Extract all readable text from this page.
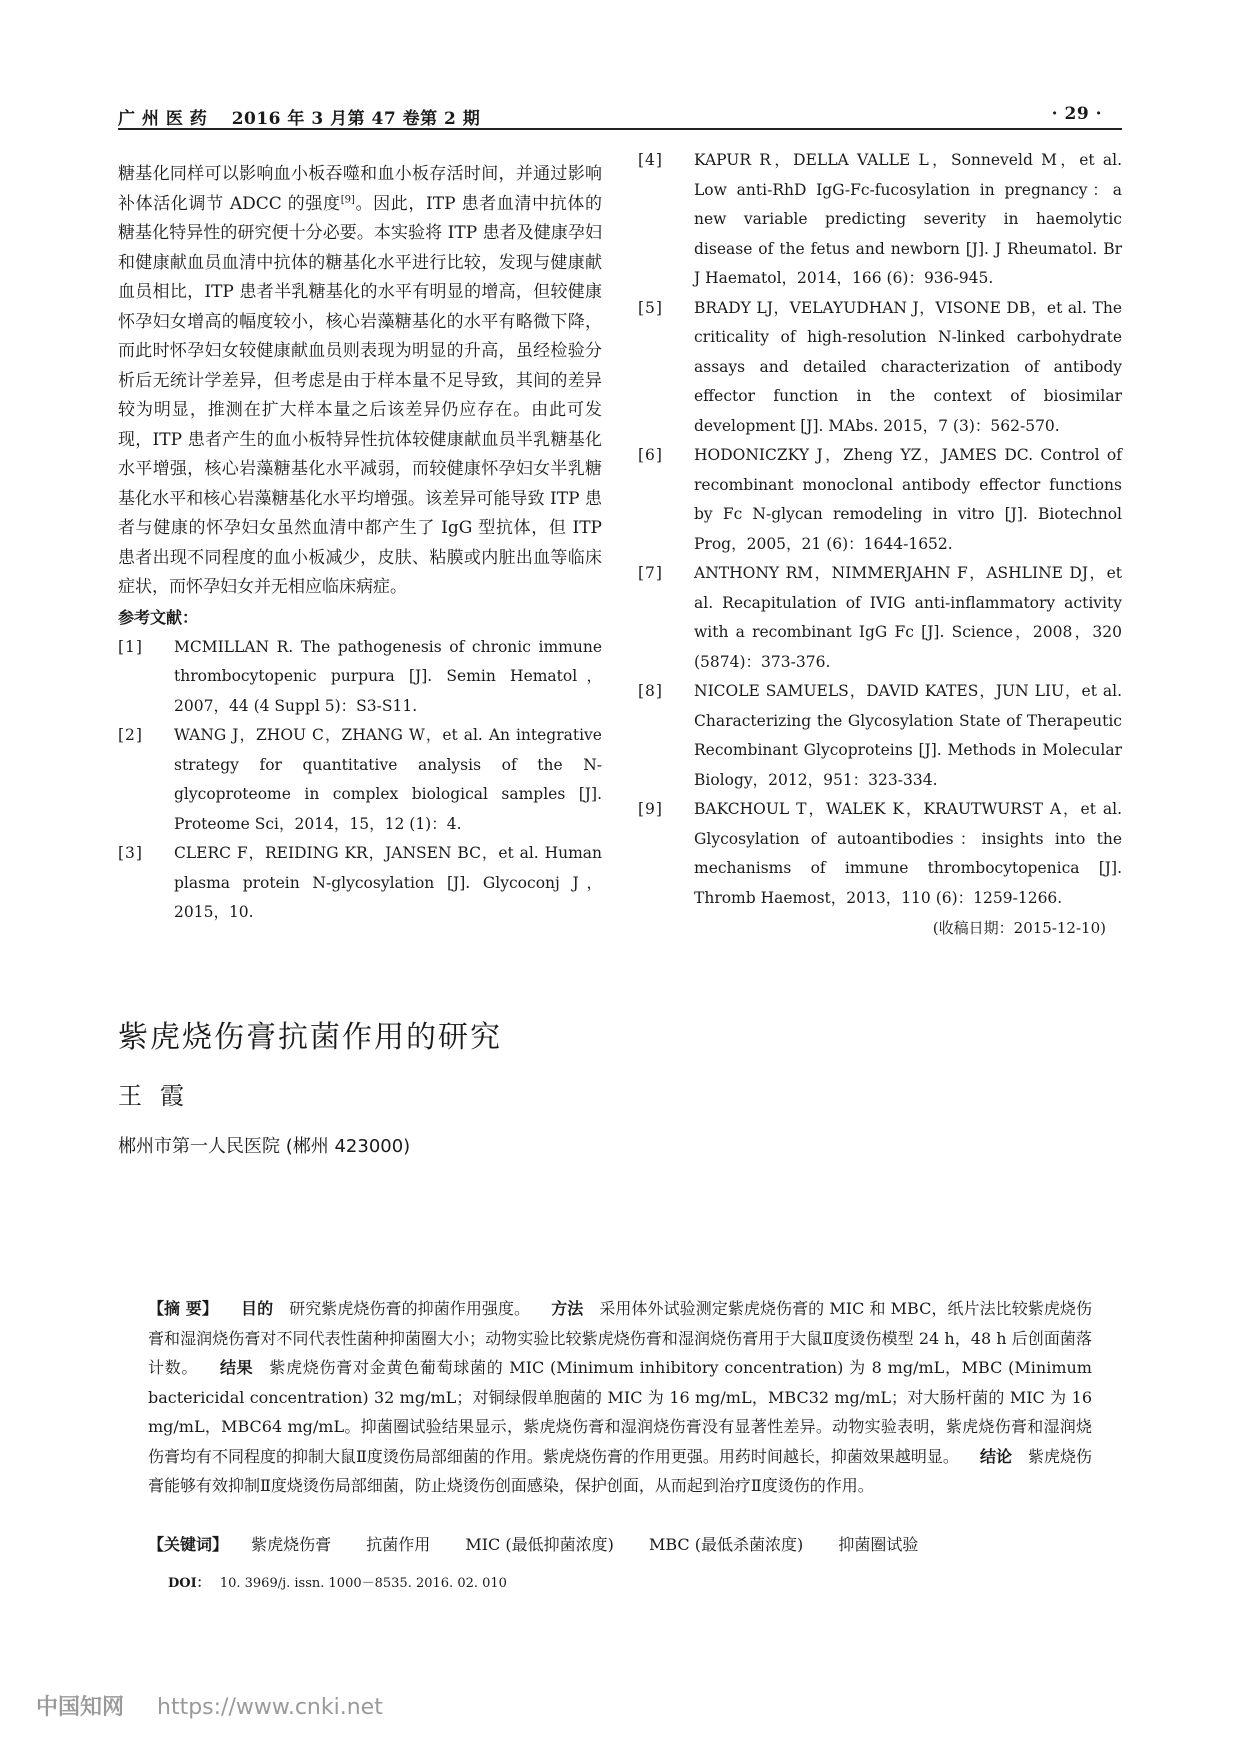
广 州 医 药 2016 年 3 月第 47 卷第 2 期	· 29 ·

糖基化同样可以影响血小板吞噬和血小板存活时间，并通过影响补体活化调节 ADCC 的强度[9]。因此，ITP 患者血清中抗体的糖基化特异性的研究便十分必要。本实验将 ITP 患者及健康孕妇和健康献血员血清中抗体的糖基化水平进行比较，发现与健康献血员相比，ITP 患者半乳糖基化的水平有明显的增高，但较健康怀孕妇女增高的幅度较小，核心岩藻糖基化的水平有略微下降，而此时怀孕妇女较健康献血员则表现为明显的升高，虽经检验分析后无统计学差异，但考虑是由于样本量不足导致，其间的差异较为明显，推测在扩大样本量之后该差异仍应存在。由此可发现，ITP 患者产生的血小板特异性抗体较健康献血员半乳糖基化水平增强，核心岩藻糖基化水平减弱，而较健康怀孕妇女半乳糖基化水平和核心岩藻糖基化水平均增强。该差异可能导致 ITP 患者与健康的怀孕妇女虽然血清中都产生了 IgG 型抗体，但 ITP 患者出现不同程度的血小板减少，皮肤、粘膜或内脏出血等临床症状，而怀孕妇女并无相应临床病症。

参考文献：
[1]	MCMILLAN R. The pathogenesis of chronic immune thrombocytopenic purpura [J]. Semin Hematol，2007，44 (4 Suppl 5)：S3-S11.
[2]	WANG J，ZHOU C，ZHANG W，et al. An integrative strategy for quantitative analysis of the N-glycoproteome in complex biological samples [J]. Proteome Sci，2014，15，12 (1)：4.
[3]	CLERC F，REIDING KR，JANSEN BC，et al. Human plasma protein N-glycosylation [J]. Glycoconj J，2015，10.
[4]	KAPUR R，DELLA VALLE L，Sonneveld M，et al. Low anti-RhD IgG-Fc-fucosylation in pregnancy：a new variable predicting severity in haemolytic disease of the fetus and newborn [J]. J Rheumatol. Br J Haematol，2014，166 (6)：936-945.
[5]	BRADY LJ，VELAYUDHAN J，VISONE DB，et al. The criticality of high-resolution N-linked carbohydrate assays and detailed characterization of antibody effector function in the context of biosimilar development [J]. MAbs. 2015，7 (3)：562-570.
[6]	HODONICZKY J，Zheng YZ，JAMES DC. Control of recombinant monoclonal antibody effector functions by Fc N-glycan remodeling in vitro [J]. Biotechnol Prog，2005，21 (6)：1644-1652.
[7]	ANTHONY RM，NIMMERJAHN F，ASHLINE DJ，et al. Recapitulation of IVIG anti-inflammatory activity with a recombinant IgG Fc [J]. Science，2008，320 (5874)：373-376.
[8]	NICOLE SAMUELS，DAVID KATES，JUN LIU，et al. Characterizing the Glycosylation State of Therapeutic Recombinant Glycoproteins [J]. Methods in Molecular Biology，2012，951：323-334.
[9]	BAKCHOUL T，WALEK K，KRAUTWURST A，et al. Glycosylation of autoantibodies：insights into the mechanisms of immune thrombocytopenica [J]. Thromb Haemost，2013，110 (6)：1259-1266.
(收稿日期：2015-12-10)
紫虎烧伤膏抗菌作用的研究
王霞
郴州市第一人民医院 (郴州 423000)
【摘 要】 目的 研究紫虎烧伤膏的抑菌作用强度。 方法 采用体外试验测定紫虎烧伤膏的 MIC 和 MBC，纸片法比较紫虎烧伤膏和湿润烧伤膏对不同代表性菌种抑菌圈大小；动物实验比较紫虎烧伤膏和湿润烧伤膏用于大鼠Ⅱ度烫伤模型 24 h，48 h 后创面菌落计数。 结果 紫虎烧伤膏对金黄色葡萄球菌的 MIC (Minimum inhibitory concentration) 为 8 mg/mL，MBC (Minimum bactericidal concentration) 32 mg/mL；对铜绿假单胞菌的 MIC 为 16 mg/mL，MBC32 mg/mL；对大肠杆菌的 MIC 为 16 mg/mL，MBC64 mg/mL。抑菌圈试验结果显示，紫虎烧伤膏和湿润烧伤膏没有显著性差异。动物实验表明，紫虎烧伤膏和湿润烧伤膏均有不同程度的抑制大鼠Ⅱ度烫伤局部细菌的作用。紫虎烧伤膏的作用更强。用药时间越长，抑菌效果越明显。 结论 紫虎烧伤膏能够有效抑制Ⅱ度烧烫伤局部细菌，防止烧烫伤创面感染，保护创面，从而起到治疗Ⅱ度烫伤的作用。
【关键词】 紫虎烧伤膏 抗菌作用 MIC (最低抑菌浓度) MBC (最低杀菌浓度) 抑菌圈试验
DOI： 10. 3969/j. issn. 1000－8535. 2016. 02. 010
中国知网 https://www.cnki.net
